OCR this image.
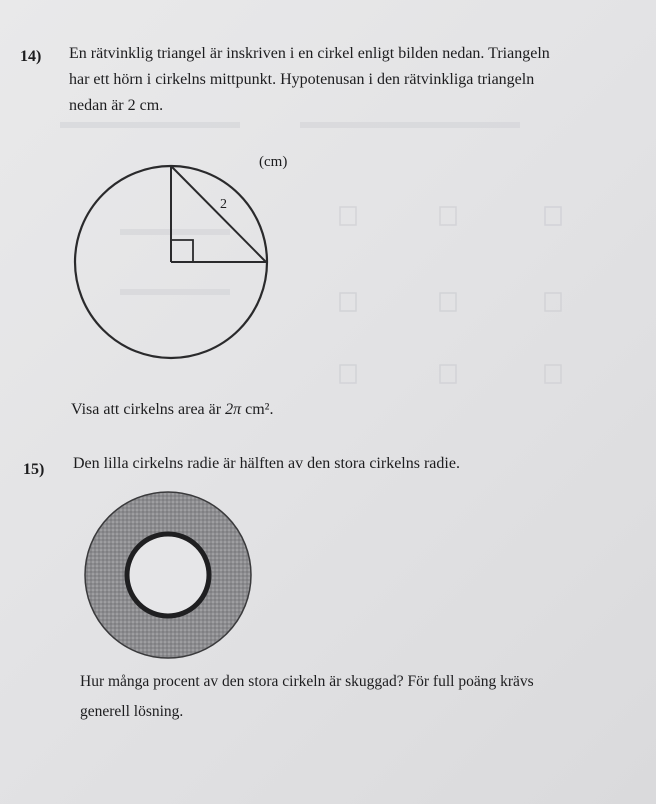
14) En rätvinklig triangel är inskriven i en cirkel enligt bilden nedan. Triangeln
har ett hörn i cirkelns mittpunkt. Hypotenusan i den rätvinkliga triangeln
nedan är 2 cm.
2
(cm)
Visa att cirkelns area är 2π cm².
15) Den lilla cirkelns radie är hälften av den stora cirkelns radie.
Hur många procent av den stora cirkeln är skuggad? För full poäng krävs
generell lösning.
